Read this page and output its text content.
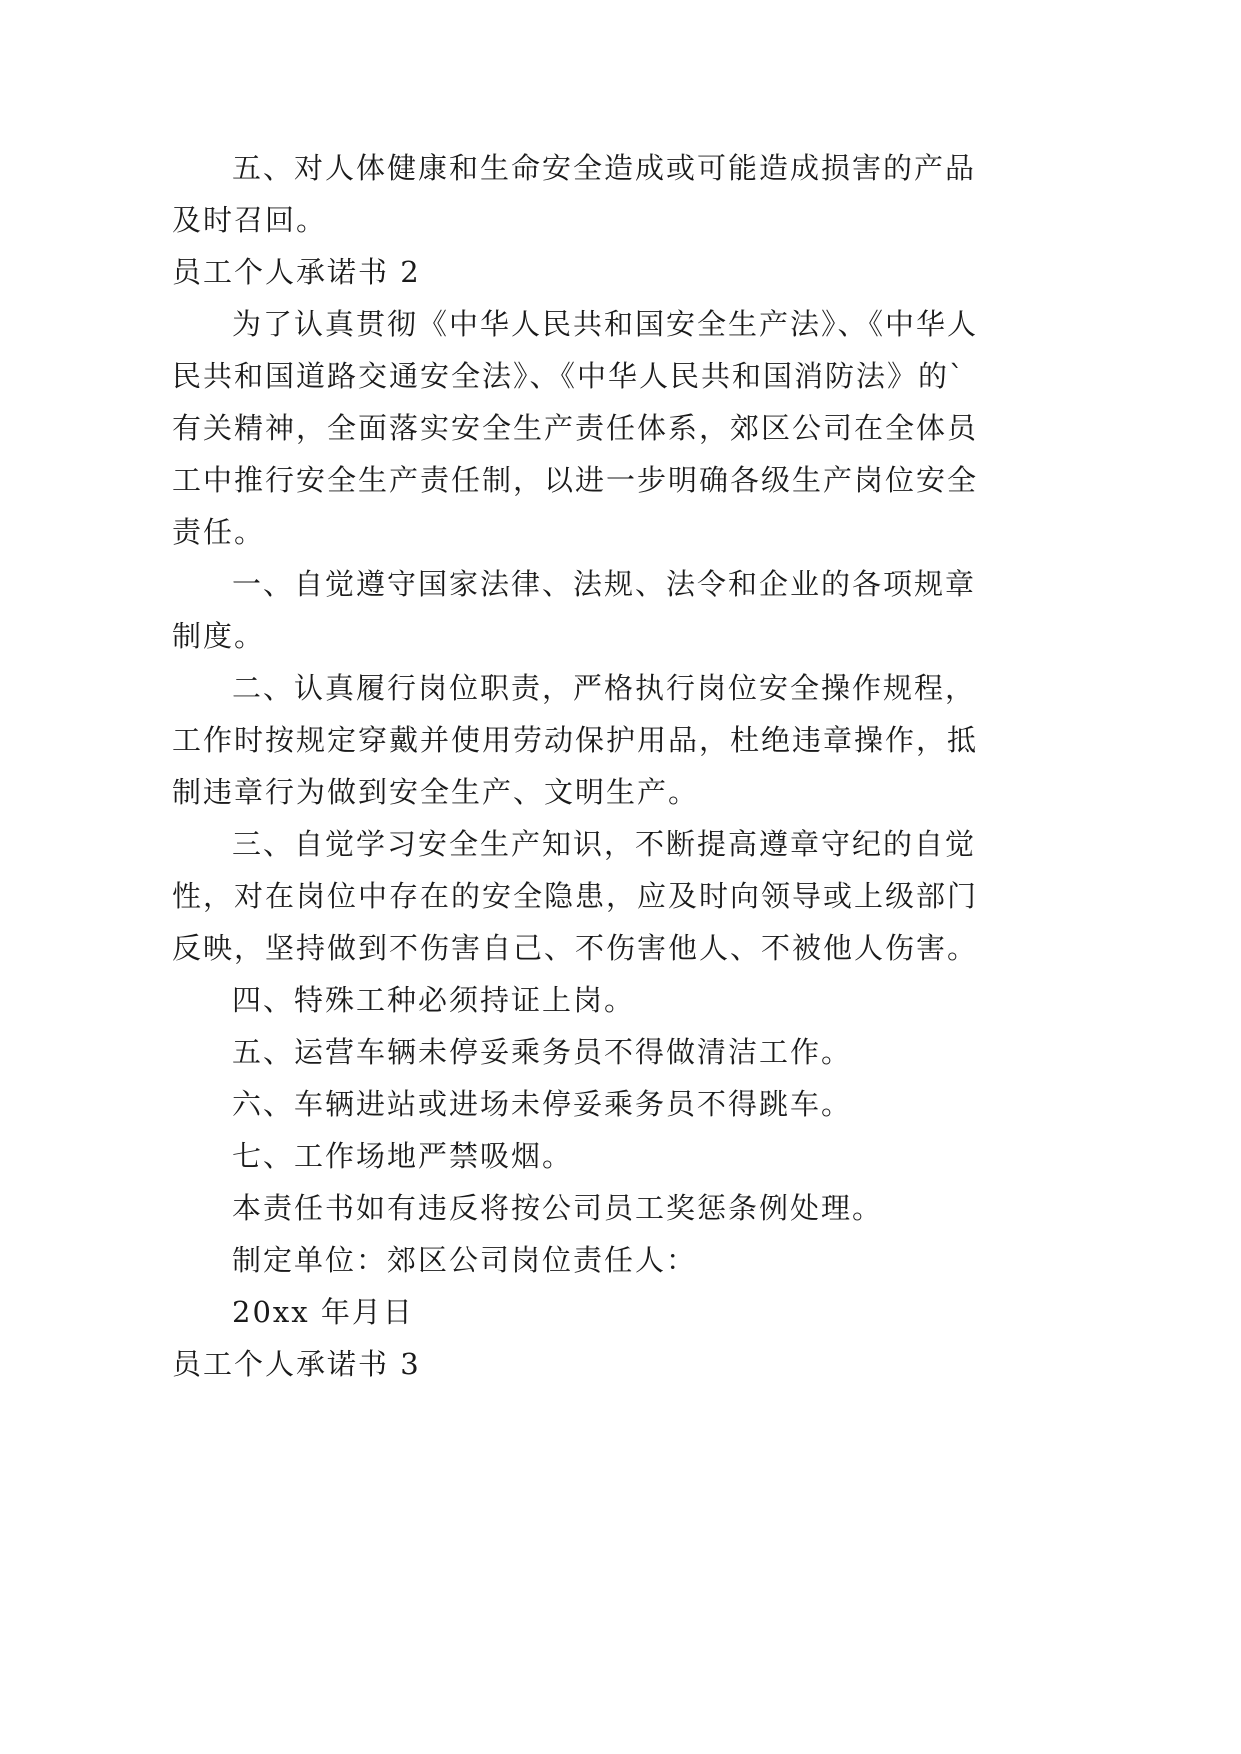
五、对人体健康和生命安全造成或可能造成损害的产品
及时召回。
员工个人承诺书 2
为了认真贯彻《中华人民共和国安全生产法》、《中华人
民共和国道路交通安全法》、《中华人民共和国消防法》的`
有关精神，全面落实安全生产责任体系，郊区公司在全体员
工中推行安全生产责任制，以进一步明确各级生产岗位安全
责任。
一、自觉遵守国家法律、法规、法令和企业的各项规章
制度。
二、认真履行岗位职责，严格执行岗位安全操作规程，
工作时按规定穿戴并使用劳动保护用品，杜绝违章操作，抵
制违章行为做到安全生产、文明生产。
三、自觉学习安全生产知识，不断提高遵章守纪的自觉
性，对在岗位中存在的安全隐患，应及时向领导或上级部门
反映，坚持做到不伤害自己、不伤害他人、不被他人伤害。
四、特殊工种必须持证上岗。
五、运营车辆未停妥乘务员不得做清洁工作。
六、车辆进站或进场未停妥乘务员不得跳车。
七、工作场地严禁吸烟。
本责任书如有违反将按公司员工奖惩条例处理。
制定单位：郊区公司岗位责任人：
20xx 年月日
员工个人承诺书 3
